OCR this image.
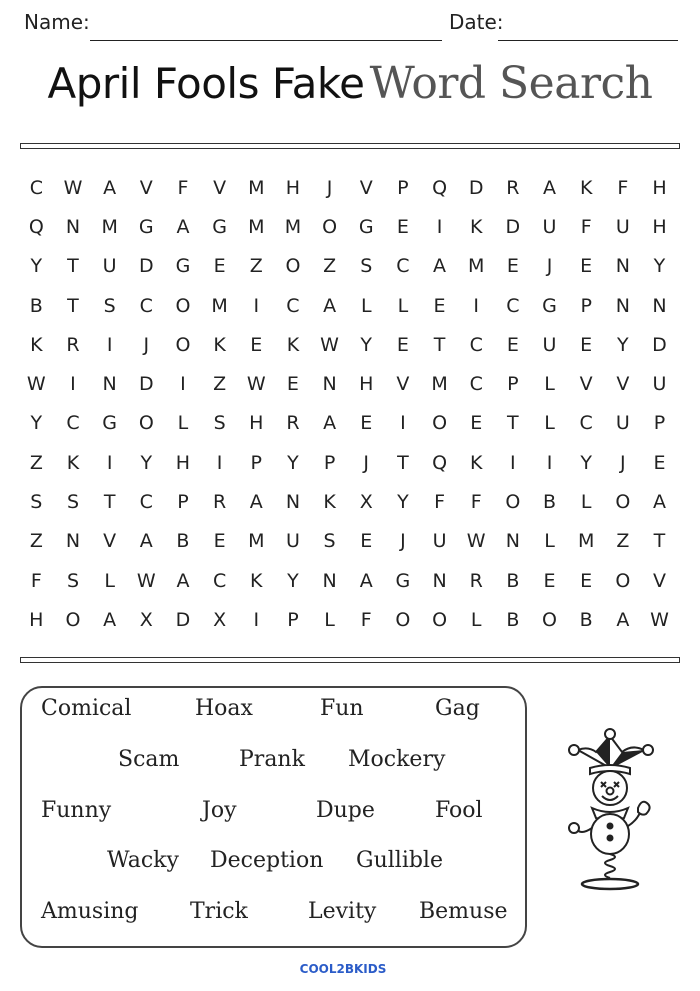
Name:	Date:
April Fools Fake Word Search
C	W	A	V	F	V	M	H	J	V	P	Q	D	R	A	K	F	H
Q	N	M	G	A	G	M	M	O	G	E	I	K	D	U	F	U	H
Y	T	U	D	G	E	Z	O	Z	S	C	A	M	E	J	E	N	Y
B	T	S	C	O	M	I	C	A	L	L	E	I	C	G	P	N	N
K	R	I	J	O	K	E	K	W	Y	E	T	C	E	U	E	Y	D
W	I	N	D	I	Z	W	E	N	H	V	M	C	P	L	V	V	U
Y	C	G	O	L	S	H	R	A	E	I	O	E	T	L	C	U	P
Z	K	I	Y	H	I	P	Y	P	J	T	Q	K	I	I	Y	J	E
S	S	T	C	P	R	A	N	K	X	Y	F	F	O	B	L	O	A
Z	N	V	A	B	E	M	U	S	E	J	U	W	N	L	M	Z	T
F	S	L	W	A	C	K	Y	N	A	G	N	R	B	E	E	O	V
H	O	A	X	D	X	I	P	L	F	O	O	L	B	O	B	A	W
Comical	Hoax	Fun	Gag
Scam	Prank Mockery
Funny	Joy	Dupe	Fool
Wacky Deception Gullible
Amusing Trick	Levity Bemuse
COOL2BKIDS
